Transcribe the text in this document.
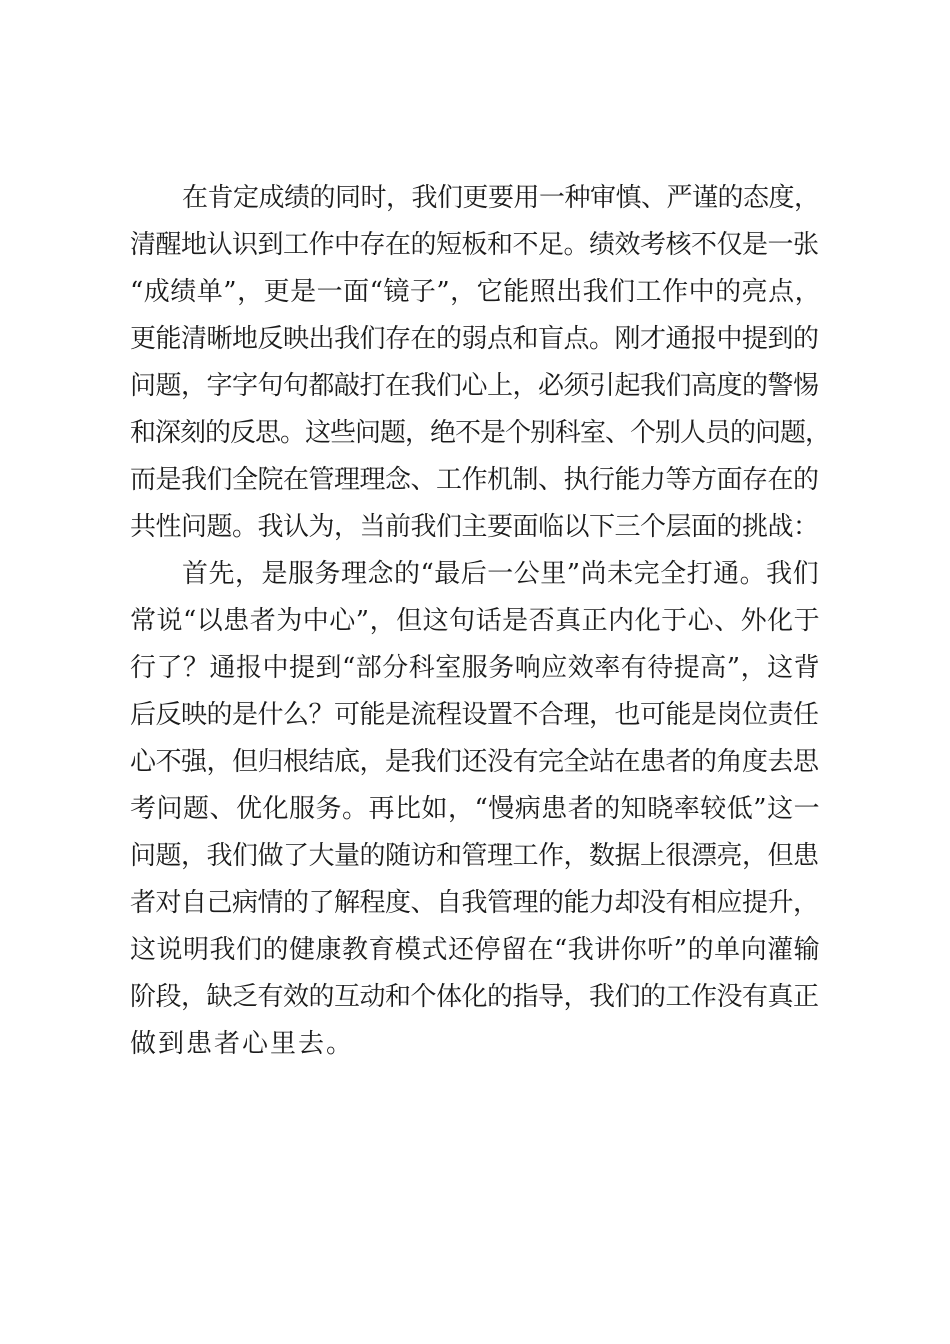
在肯定成绩的同时，我们更要用一种审慎、严谨的态度，
清醒地认识到工作中存在的短板和不足。绩效考核不仅是一张
“成绩单”，更是一面“镜子”，它能照出我们工作中的亮点，
更能清晰地反映出我们存在的弱点和盲点。刚才通报中提到的
问题，字字句句都敲打在我们心上，必须引起我们高度的警惕
和深刻的反思。这些问题，绝不是个别科室、个别人员的问题，
而是我们全院在管理理念、工作机制、执行能力等方面存在的
共性问题。我认为，当前我们主要面临以下三个层面的挑战：
首先，是服务理念的“最后一公里”尚未完全打通。我们
常说“以患者为中心”，但这句话是否真正内化于心、外化于
行了？通报中提到“部分科室服务响应效率有待提高”，这背
后反映的是什么？可能是流程设置不合理，也可能是岗位责任
心不强，但归根结底，是我们还没有完全站在患者的角度去思
考问题、优化服务。再比如，“慢病患者的知晓率较低”这一
问题，我们做了大量的随访和管理工作，数据上很漂亮，但患
者对自己病情的了解程度、自我管理的能力却没有相应提升，
这说明我们的健康教育模式还停留在“我讲你听”的单向灌输
阶段，缺乏有效的互动和个体化的指导，我们的工作没有真正
做到患者心里去。
